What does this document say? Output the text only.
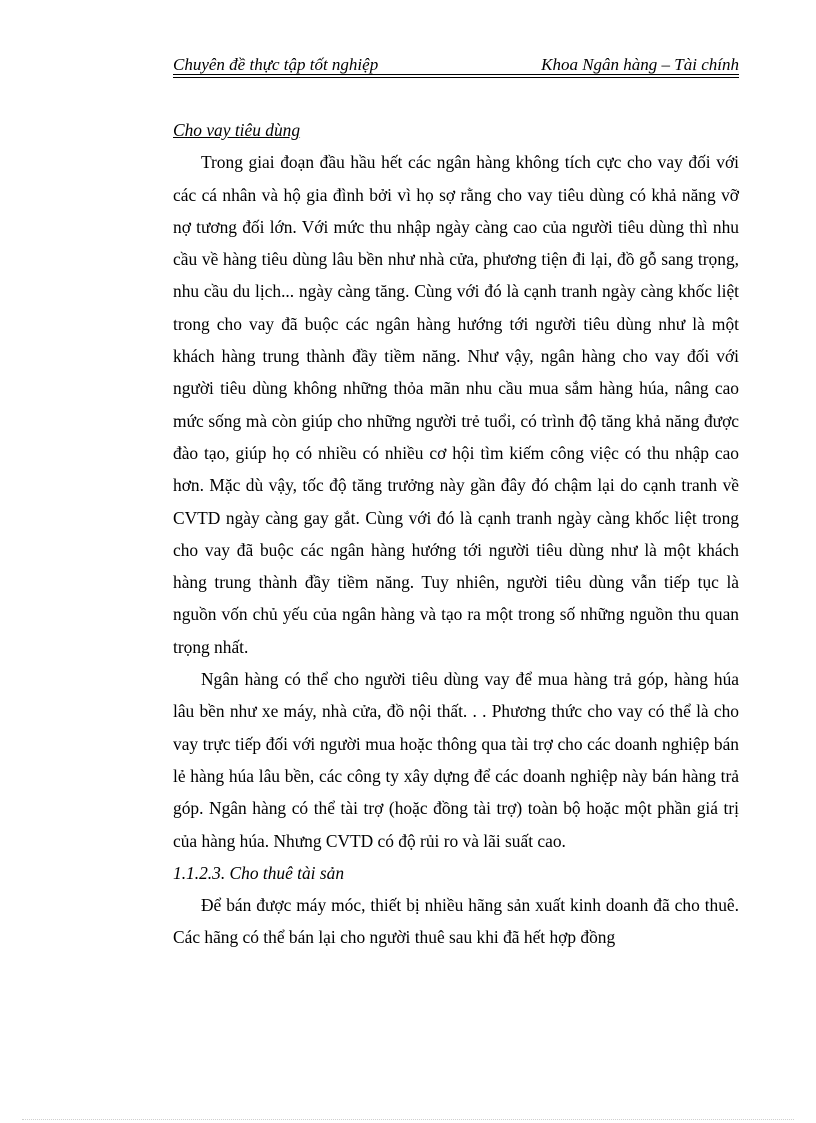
Chuyên đề thực tập tốt nghiệp	Khoa Ngân hàng – Tài chính

Cho vay tiêu dùng

Trong giai đoạn đầu hầu hết các ngân hàng không tích cực cho vay đối với các cá nhân và hộ gia đình bởi vì họ sợ rằng cho vay tiêu dùng có khả năng vỡ nợ tương đối lớn. Với mức thu nhập ngày càng cao của người tiêu dùng thì nhu cầu về hàng tiêu dùng lâu bền như nhà cửa, phương tiện đi lại, đồ gỗ sang trọng, nhu cầu du lịch... ngày càng tăng. Cùng với đó là cạnh tranh ngày càng khốc liệt trong cho vay đã buộc các ngân hàng hướng tới người tiêu dùng như là một khách hàng trung thành đầy tiềm năng. Như vậy, ngân hàng cho vay đối với người tiêu dùng không những thỏa mãn nhu cầu mua sắm hàng húa, nâng cao mức sống mà còn giúp cho những người trẻ tuổi, có trình độ tăng khả năng được đào tạo, giúp họ có nhiều có nhiều cơ hội tìm kiếm công việc có thu nhập cao hơn. Mặc dù vậy, tốc độ tăng trưởng này gần đây đó chậm lại do cạnh tranh về CVTD ngày càng gay gắt. Cùng với đó là cạnh tranh ngày càng khốc liệt trong cho vay đã buộc các ngân hàng hướng tới người tiêu dùng như là một khách hàng trung thành đầy tiềm năng. Tuy nhiên, người tiêu dùng vẫn tiếp tục là nguồn vốn chủ yếu của ngân hàng và tạo ra một trong số những nguồn thu quan trọng nhất.

Ngân hàng có thể cho người tiêu dùng vay để mua hàng trả góp, hàng húa lâu bền như xe máy, nhà cửa, đồ nội thất. . . Phương thức cho vay có thể là cho vay trực tiếp đối với người mua hoặc thông qua tài trợ cho các doanh nghiệp bán lẻ hàng húa lâu bền, các công ty xây dựng để các doanh nghiệp này bán hàng trả góp. Ngân hàng có thể tài trợ (hoặc đồng tài trợ) toàn bộ hoặc một phần giá trị của hàng húa. Nhưng CVTD có độ rủi ro và lãi suất cao.

1.1.2.3. Cho thuê tài sản

Để bán được máy móc, thiết bị nhiều hãng sản xuất kinh doanh đã cho thuê. Các hãng có thể bán lại cho người thuê sau khi đã hết hợp đồng
